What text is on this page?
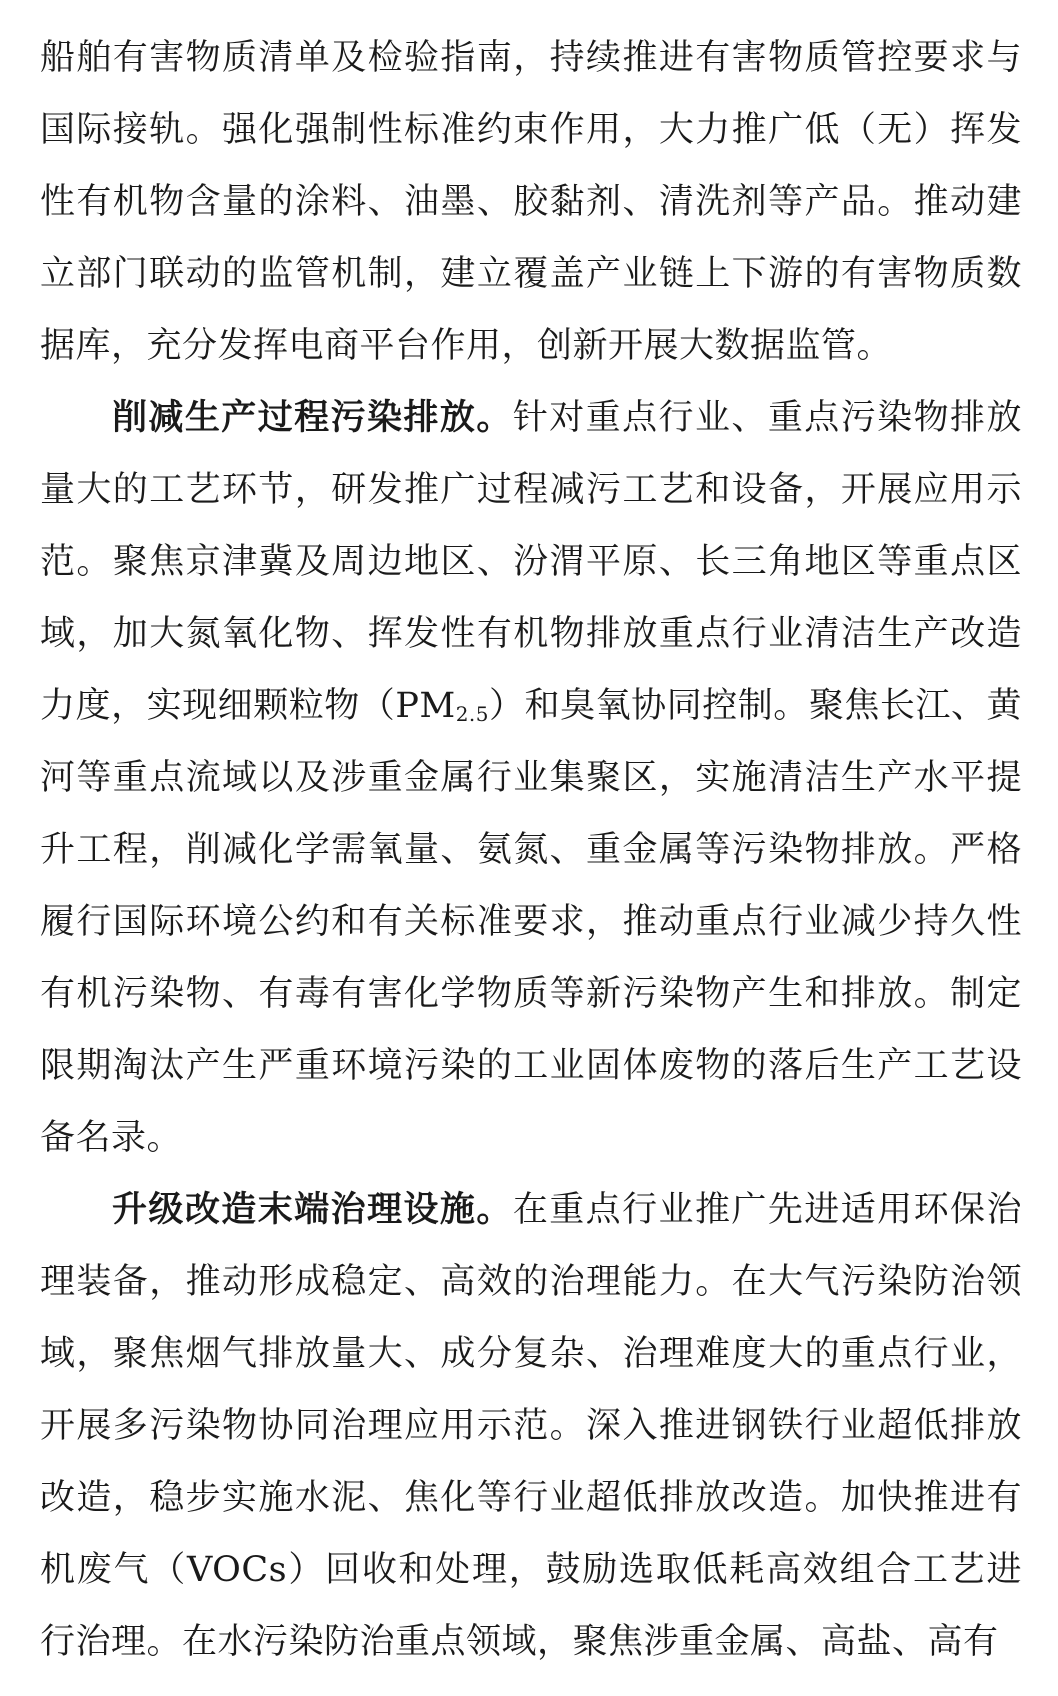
船舶有害物质清单及检验指南，持续推进有害物质管控要求与国际接轨。强化强制性标准约束作用，大力推广低（无）挥发性有机物含量的涂料、油墨、胶黏剂、清洗剂等产品。推动建立部门联动的监管机制，建立覆盖产业链上下游的有害物质数据库，充分发挥电商平台作用，创新开展大数据监管。

削减生产过程污染排放。针对重点行业、重点污染物排放量大的工艺环节，研发推广过程减污工艺和设备，开展应用示范。聚焦京津冀及周边地区、汾渭平原、长三角地区等重点区域，加大氮氧化物、挥发性有机物排放重点行业清洁生产改造力度，实现细颗粒物$(PM_{2.5})$和臭氧协同控制。聚焦长江、黄河等重点流域以及涉重金属行业集聚区，实施清洁生产水平提升工程，削减化学需氧量、氨氮、重金属等污染物排放。严格履行国际环境公约和有关标准要求，推动重点行业减少持久性有机污染物、有毒有害化学物质等新污染物产生和排放。制定限期淘汰产生严重环境污染的工业固体废物的落后生产工艺设备名录。

升级改造末端治理设施。在重点行业推广先进适用环保治理装备，推动形成稳定、高效的治理能力。在大气污染防治领域，聚焦烟气排放量大、成分复杂、治理难度大的重点行业，开展多污染物协同治理应用示范。深入推进钢铁行业超低排放改造，稳步实施水泥、焦化等行业超低排放改造。加快推进有机废气（VOCs）回收和处理，鼓励选取低耗高效组合工艺进行治理。在水污染防治重点领域，聚焦涉重金属、高盐、高有
